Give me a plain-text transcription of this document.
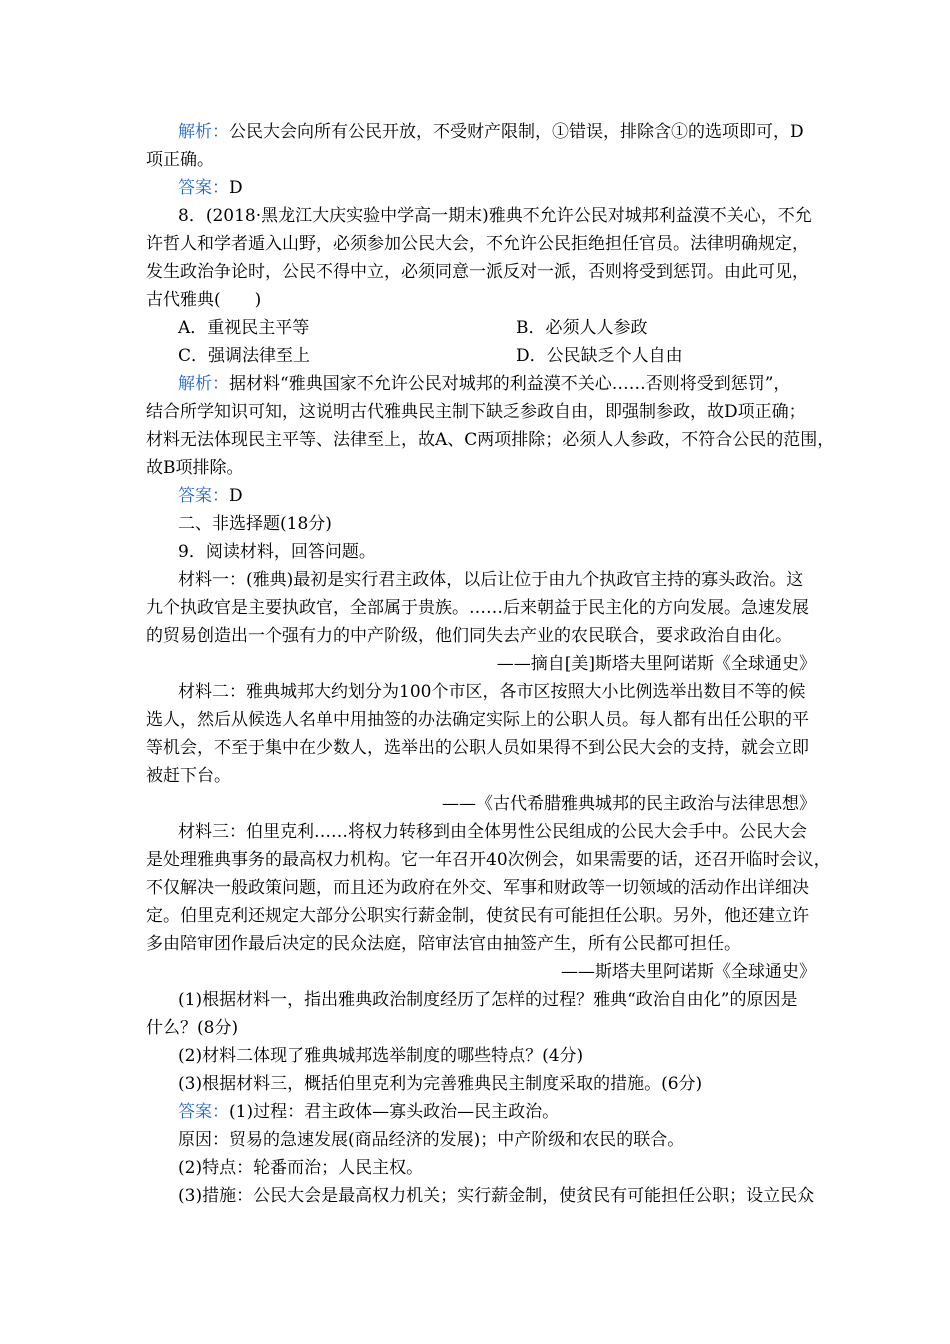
解析：公民大会向所有公民开放，不受财产限制，①错误，排除含①的选项即可，D
项正确。
答案：D
8．(2018·黑龙江大庆实验中学高一期末)雅典不允许公民对城邦利益漠不关心，不允
许哲人和学者遁入山野，必须参加公民大会，不允许公民拒绝担任官员。法律明确规定，
发生政治争论时，公民不得中立，必须同意一派反对一派，否则将受到惩罚。由此可见，
古代雅典(　　)
A．重视民主平等	B．必须人人参政
C．强调法律至上	D．公民缺乏个人自由
解析：据材料“雅典国家不允许公民对城邦的利益漠不关心……否则将受到惩罚”，
结合所学知识可知，这说明古代雅典民主制下缺乏参政自由，即强制参政，故D项正确；
材料无法体现民主平等、法律至上，故A、C两项排除；必须人人参政，不符合公民的范围，
故B项排除。
答案：D
二、非选择题(18分)
9．阅读材料，回答问题。
材料一：(雅典)最初是实行君主政体，以后让位于由九个执政官主持的寡头政治。这
九个执政官是主要执政官，全部属于贵族。……后来朝益于民主化的方向发展。急速发展
的贸易创造出一个强有力的中产阶级，他们同失去产业的农民联合，要求政治自由化。
——摘自[美]斯塔夫里阿诺斯《全球通史》
材料二：雅典城邦大约划分为100个市区，各市区按照大小比例选举出数目不等的候
选人，然后从候选人名单中用抽签的办法确定实际上的公职人员。每人都有出任公职的平
等机会，不至于集中在少数人，选举出的公职人员如果得不到公民大会的支持，就会立即
被赶下台。
——《古代希腊雅典城邦的民主政治与法律思想》
材料三：伯里克利……将权力转移到由全体男性公民组成的公民大会手中。公民大会
是处理雅典事务的最高权力机构。它一年召开40次例会，如果需要的话，还召开临时会议，
不仅解决一般政策问题，而且还为政府在外交、军事和财政等一切领域的活动作出详细决
定。伯里克利还规定大部分公职实行薪金制，使贫民有可能担任公职。另外，他还建立许
多由陪审团作最后决定的民众法庭，陪审法官由抽签产生，所有公民都可担任。
——斯塔夫里阿诺斯《全球通史》
(1)根据材料一，指出雅典政治制度经历了怎样的过程？雅典“政治自由化”的原因是
什么？(8分)
(2)材料二体现了雅典城邦选举制度的哪些特点？(4分)
(3)根据材料三，概括伯里克利为完善雅典民主制度采取的措施。(6分)
答案：(1)过程：君主政体—寡头政治—民主政治。
原因：贸易的急速发展(商品经济的发展)；中产阶级和农民的联合。
(2)特点：轮番而治；人民主权。
(3)措施：公民大会是最高权力机关；实行薪金制，使贫民有可能担任公职；设立民众
